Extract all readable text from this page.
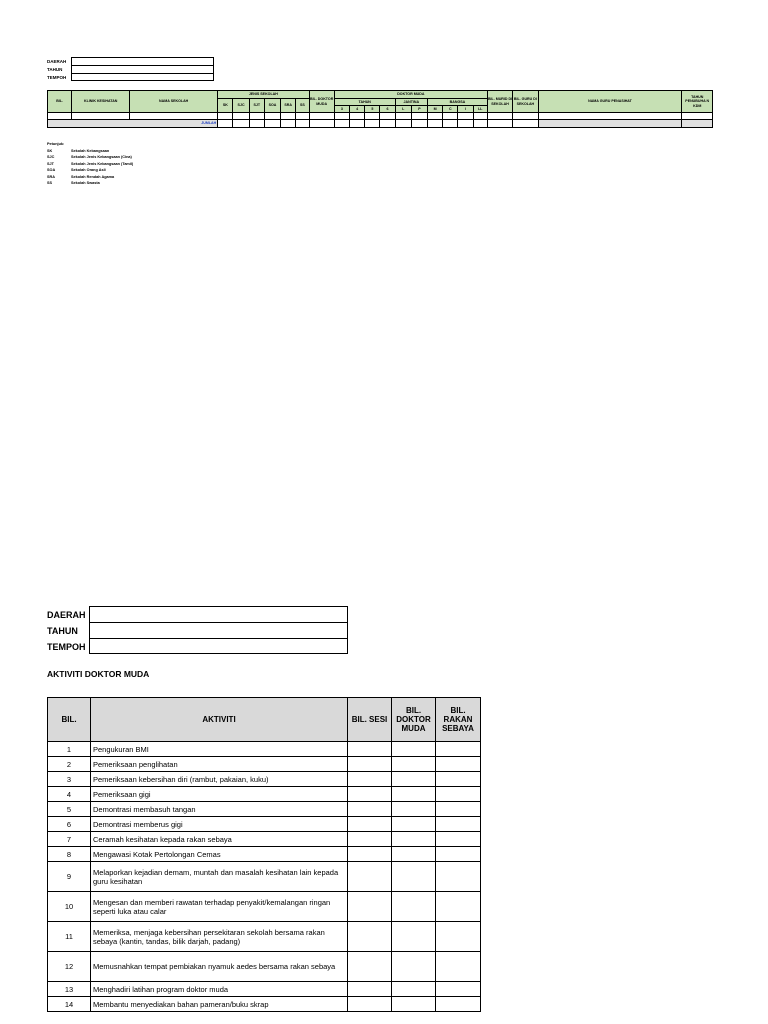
DAERAH
TAHUN
TEMPOH
BIL.	KLINIK KESIHATAN	NAMA SEKOLAH	JENIS SEKOLAH						BIL. DOKTOR MUDA	DOKTOR MUDA										BIL. MURID DI SEKOLAH	BIL. GURU DI SEKOLAH	NAMA GURU PENASIHAT	TAHUN PENUBUHA N KDM
			SK	SJC	SJT	SOA	SRA	SS		TAHUN				JANTINA		BANGSA							
										3	4	5	6	L	P	M	C	I	LL				

JUMLAH																							
Petunjuk:
SK	Sekolah Kebangsaan
SJC	Sekolah Jenis Kebangsaan (Cina)
SJT	Sekolah Jenis Kebangsaan (Tamil)
SOA	Sekolah Orang Asli
SRA	Sekolah Rendah Agama
SS	Sekolah Swasta
DAERAH
TAHUN
TEMPOH
AKTIVITI DOKTOR MUDA
BIL.	AKTIVITI	BIL. SESI	BIL. DOKTOR MUDA	BIL. RAKAN SEBAYA
1	Pengukuran BMI			
2	Pemeriksaan penglihatan			
3	Pemeriksaan kebersihan diri (rambut, pakaian, kuku)			
4	Pemeriksaan gigi			
5	Demontrasi membasuh tangan			
6	Demontrasi memberus gigi			
7	Ceramah kesihatan kepada rakan sebaya			
8	Mengawasi Kotak Pertolongan Cemas			
9	Melaporkan kejadian demam, muntah dan masalah kesihatan lain kepada guru kesihatan			
10	Mengesan dan memberi rawatan terhadap penyakit/kemalangan ringan seperti luka atau calar			
11	Memeriksa, menjaga kebersihan persekitaran sekolah bersama rakan sebaya (kantin, tandas, bilik darjah, padang)			
12	Memusnahkan tempat pembiakan nyamuk aedes bersama rakan sebaya			
13	Menghadiri latihan program doktor muda			
14	Membantu menyediakan bahan pameran/buku skrap			
